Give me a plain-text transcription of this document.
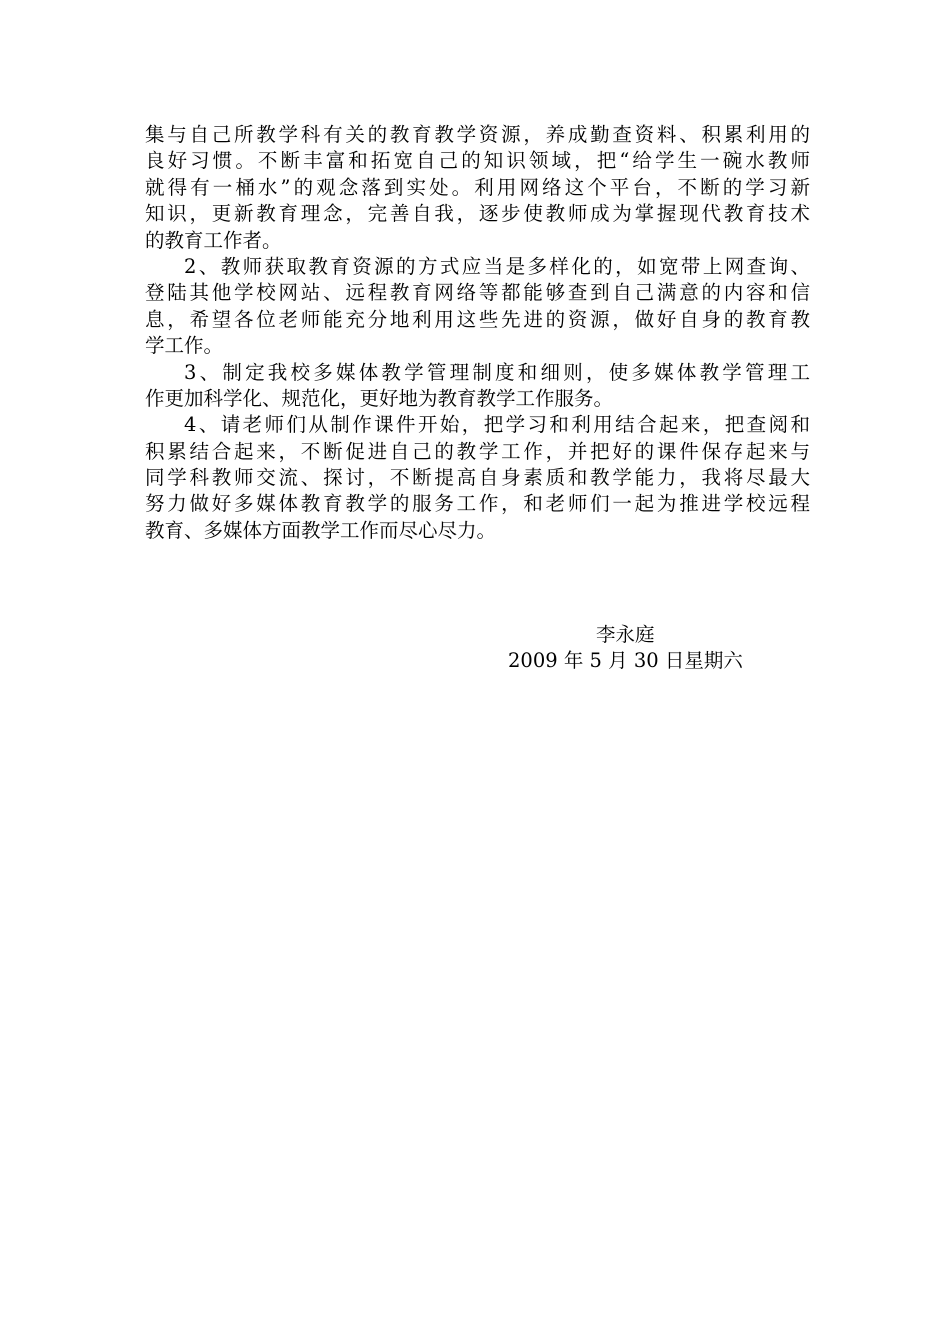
集与自己所教学科有关的教育教学资源，养成勤查资料、积累利用的
良好习惯。不断丰富和拓宽自己的知识领域，把“给学生一碗水教师
就得有一桶水”的观念落到实处。利用网络这个平台，不断的学习新
知识，更新教育理念，完善自我，逐步使教师成为掌握现代教育技术
的教育工作者。
2、教师获取教育资源的方式应当是多样化的，如宽带上网查询、
登陆其他学校网站、远程教育网络等都能够查到自己满意的内容和信
息，希望各位老师能充分地利用这些先进的资源，做好自身的教育教
学工作。
3、制定我校多媒体教学管理制度和细则，使多媒体教学管理工
作更加科学化、规范化，更好地为教育教学工作服务。
4、请老师们从制作课件开始，把学习和利用结合起来，把查阅和
积累结合起来，不断促进自己的教学工作，并把好的课件保存起来与
同学科教师交流、探讨，不断提高自身素质和教学能力，我将尽最大
努力做好多媒体教育教学的服务工作，和老师们一起为推进学校远程
教育、多媒体方面教学工作而尽心尽力。
李永庭
2009 年 5 月 30 日星期六
